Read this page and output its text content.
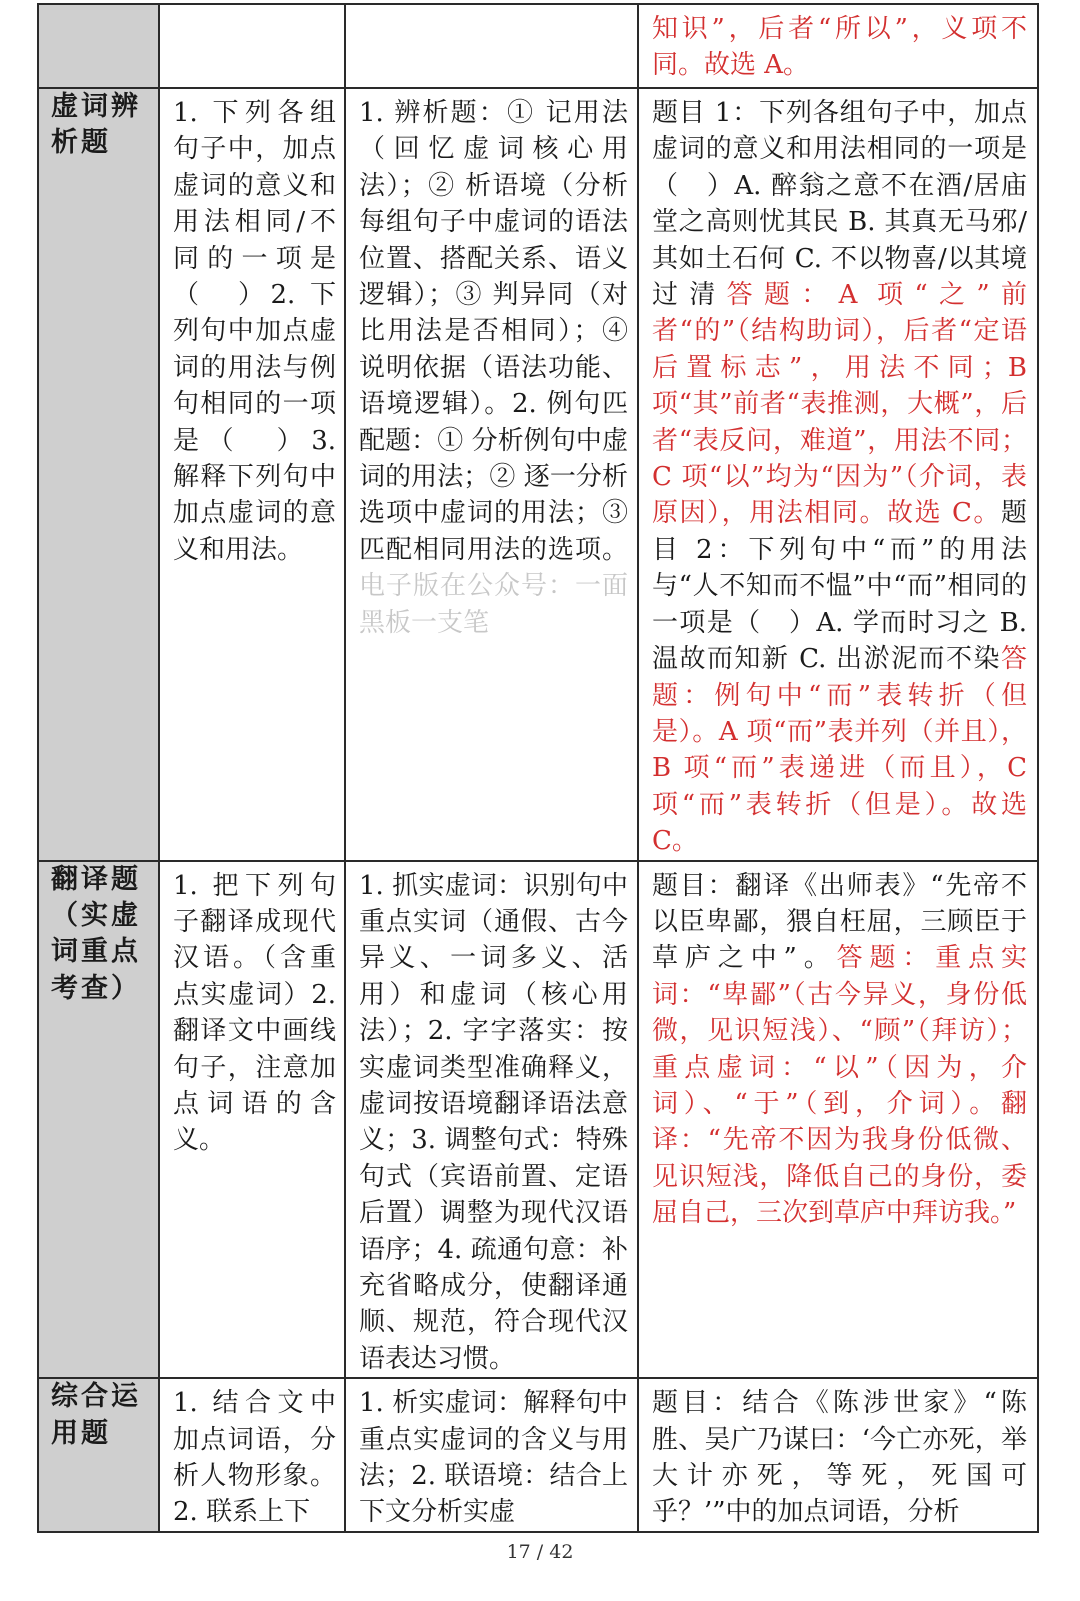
			知识”，后者“所以”，义项不同。故选 A。

虚词辨析题	1. 下列各组句子中，加点虚词的意义和用法相同/不同的一项是（　）2. 下列句中加点虚词的用法与例句相同的一项是（　）3. 解释下列句中加点虚词的意义和用法。	1. 辨析题：① 记用法（回忆虚词核心用法）；② 析语境（分析每组句子中虚词的语法位置、搭配关系、语义逻辑）；③ 判异同（对比用法是否相同）；④ 说明依据（语法功能、语境逻辑）。2. 例句匹配题：① 分析例句中虚词的用法；② 逐一分析选项中虚词的用法；③ 匹配相同用法的选项。电子版在公众号：一面黑板一支笔	题目 1：下列各组句子中，加点虚词的意义和用法相同的一项是（　）A. 醉翁之意不在酒/居庙堂之高则忧其民 B. 其真无马邪/其如土石何 C. 不以物喜/以其境过清答题：A 项“之”前者“的”（结构助词），后者“定语后置标志”，用法不同；B 项“其”前者“表推测，大概”，后者“表反问，难道”，用法不同；C 项“以”均为“因为”（介词，表原因），用法相同。故选 C。题目 2：下列句中“而”的用法与“人不知而不愠”中“而”相同的一项是（　）A. 学而时习之 B. 温故而知新 C. 出淤泥而不染答题：例句中“而”表转折（但是）。A 项“而”表并列（并且），B 项“而”表递进（而且），C 项“而”表转折（但是）。故选 C。

翻译题（实虚词重点考查）	1. 把下列句子翻译成现代汉语。（含重点实虚词）2. 翻译文中画线句子，注意加点词语的含义。	1. 抓实虚词：识别句中重点实词（通假、古今异义、一词多义、活用）和虚词（核心用法）；2. 字字落实：按实虚词类型准确释义，虚词按语境翻译语法意义；3. 调整句式：特殊句式（宾语前置、定语后置）调整为现代汉语语序；4. 疏通句意：补充省略成分，使翻译通顺、规范，符合现代汉语表达习惯。	题目：翻译《出师表》“先帝不以臣卑鄙，猥自枉屈，三顾臣于草庐之中”。答题：重点实词：“卑鄙”（古今异义，身份低微，见识短浅）、“顾”（拜访）；重点虚词：“以”（因为，介词）、“于”（到，介词）。翻译：“先帝不因为我身份低微、见识短浅，降低自己的身份，委屈自己，三次到草庐中拜访我。”

综合运用题	1. 结合文中加点词语，分析人物形象。2. 联系上下	1. 析实虚词：解释句中重点实虚词的含义与用法；2. 联语境：结合上下文分析实虚	题目：结合《陈涉世家》“陈胜、吴广乃谋曰：‘今亡亦死，举大计亦死，等死，死国可乎？’”中的加点词语，分析
17 / 42
